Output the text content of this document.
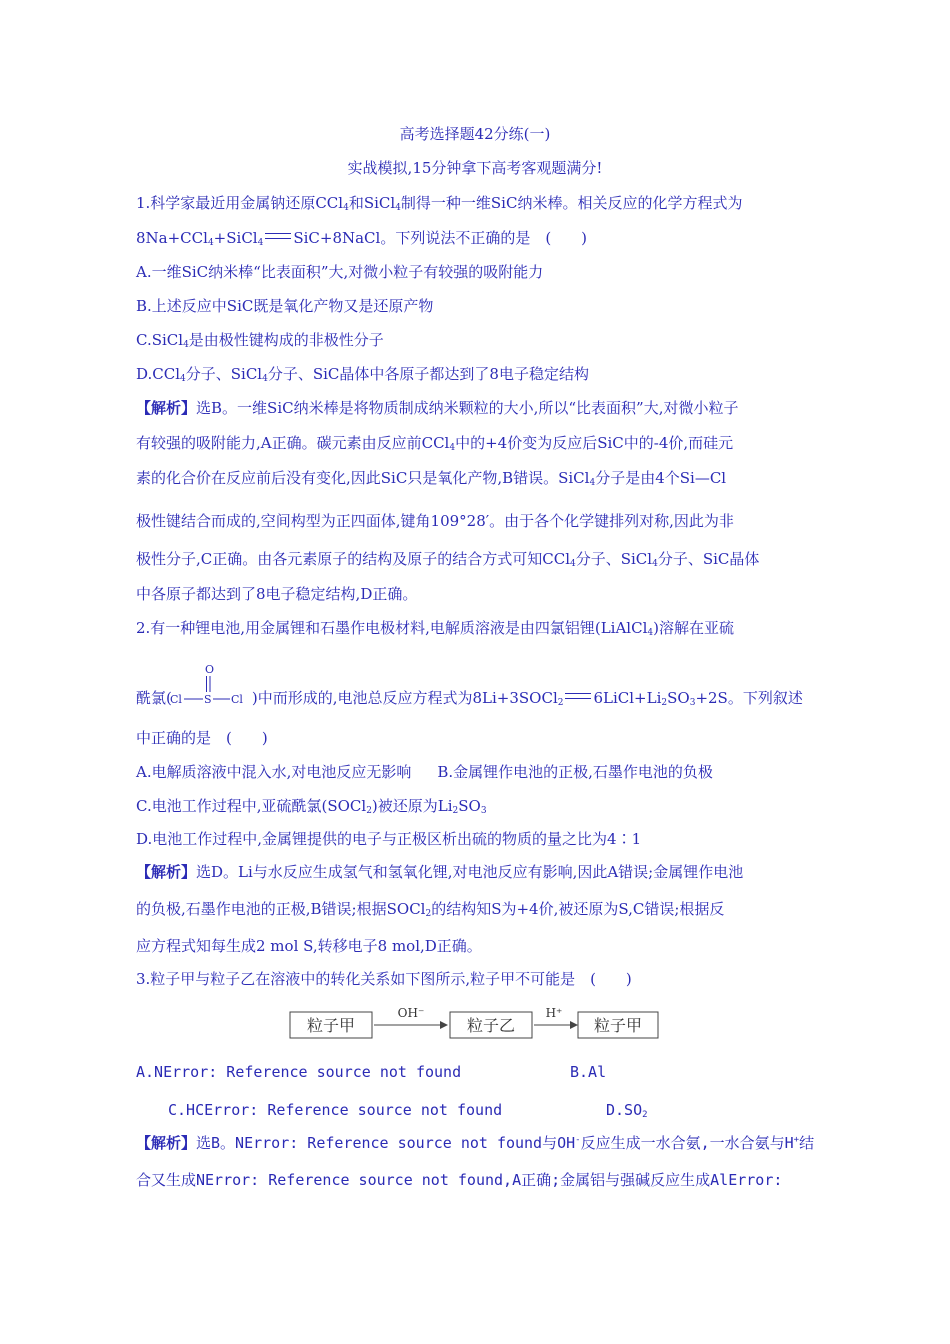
高考选择题42分练(一)
实战模拟,15分钟拿下高考客观题满分!
1.科学家最近用金属钠还原CCl$_4$和SiCl$_4$制得一种一维SiC纳米棒。相关反应的化学方程式为
8Na+CCl$_4$+SiCl$_4$ SiC+8NaCl。下列说法不正确的是　(　　)
A.一维SiC纳米棒“比表面积”大,对微小粒子有较强的吸附能力
B.上述反应中SiC既是氧化产物又是还原产物
C.SiCl$_4$是由极性键构成的非极性分子
D.CCl$_4$分子、SiCl$_4$分子、SiC晶体中各原子都达到了8电子稳定结构
【解析】选B。一维SiC纳米棒是将物质制成纳米颗粒的大小,所以“比表面积”大,对微小粒子
有较强的吸附能力,A正确。碳元素由反应前CCl$_4$中的+4价变为反应后SiC中的-4价,而硅元
素的化合价在反应前后没有变化,因此SiC只是氧化产物,B错误。SiCl$_4$分子是由4个Si—Cl
极性键结合而成的,空间构型为正四面体,键角109°28′。由于各个化学键排列对称,因此为非
极性分子,C正确。由各元素原子的结构及原子的结合方式可知CCl$_4$分子、SiCl$_4$分子、SiC晶体
中各原子都达到了8电子稳定结构,D正确。
2.有一种锂电池,用金属锂和石墨作电极材料,电解质溶液是由四氯铝锂(LiAlCl$_4$)溶解在亚硫
O
Cl S Cl
酰氯(	)中而形成的,电池总反应方程式为8Li+3SOCl$_2$ $6LiCl+Li_2SO_3+2S$。下列叙述
中正确的是　(　　)
A.电解质溶液中混入水,对电池反应无影响 B.金属锂作电池的正极,石墨作电池的负极
C.电池工作过程中,亚硫酰氯(SOCl$_2$)被还原为$Li_2SO_3$
D.电池工作过程中,金属锂提供的电子与正极区析出硫的物质的量之比为4∶1
【解析】选D。Li与水反应生成氢气和氢氧化锂,对电池反应有影响,因此A错误;金属锂作电池
的负极,石墨作电池的正极,B错误;根据SOCl$_2$的结构知S为+4价,被还原为S,C错误;根据反
应方程式知每生成2 mol S,转移电子8 mol,D正确。
3.粒子甲与粒子乙在溶液中的转化关系如下图所示,粒子甲不可能是　(　　)
粒子甲
OH⁻
粒子乙
H⁺
粒子甲
A.NError: Reference source not found	B.Al
C.HCError: Reference source not found	$D.SO_2$
【解析】选B。NError: Reference source not found与OH-反应生成一水合氨,一水合氨与H+结
合又生成NError: Reference source not found,A正确;金属铝与强碱反应生成AlError:
